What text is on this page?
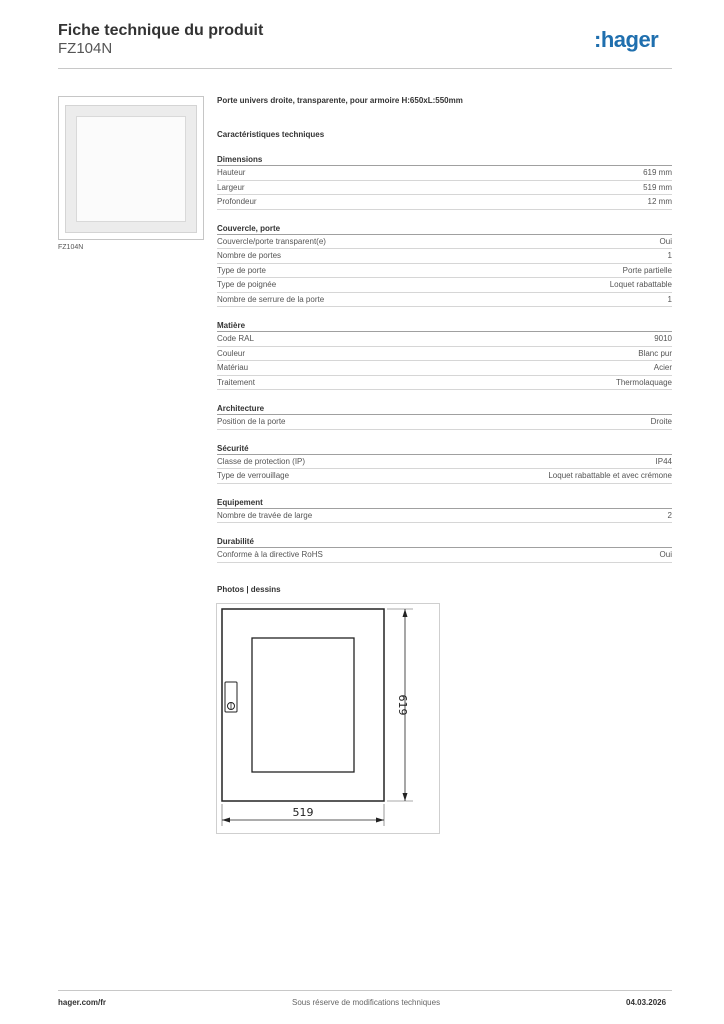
Fiche technique du produit
FZ104N	:hager
FZ104N
Porte univers droite, transparente, pour armoire H:650xL:550mm
Caractéristiques techniques
Dimensions
Hauteur	619 mm
Largeur	519 mm
Profondeur	12 mm
Couvercle, porte
Couvercle/porte transparent(e)	Oui
Nombre de portes	1
Type de porte	Porte partielle
Type de poignée	Loquet rabattable
Nombre de serrure de la porte	1
Matière
Code RAL	9010
Couleur	Blanc pur
Matériau	Acier
Traitement	Thermolaquage
Architecture
Position de la porte	Droite
Sécurité
Classe de protection (IP)	IP44
Type de verrouillage	Loquet rabattable et avec crémone
Equipement
Nombre de travée de large	2
Durabilité
Conforme à la directive RoHS	Oui
Photos | dessins
619
519
hager.com/fr	Sous réserve de modifications techniques	04.03.2026
